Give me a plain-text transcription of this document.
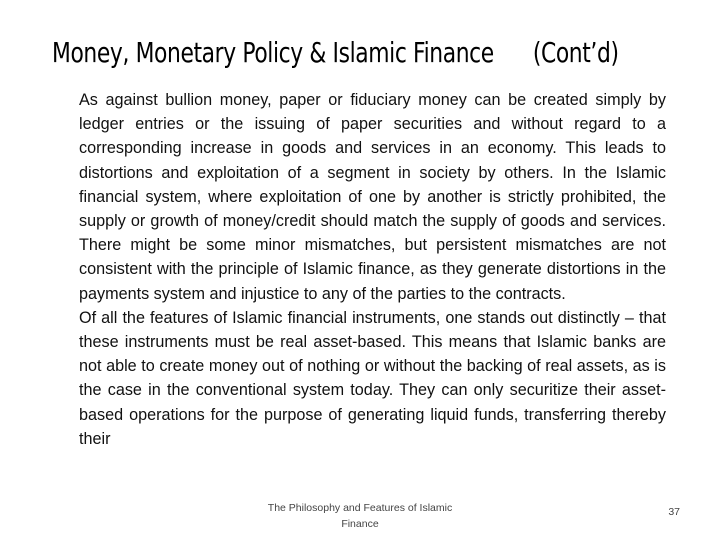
Money, Monetary Policy & Islamic Finance (Cont’d)

As against bullion money, paper or fiduciary money can be created simply by ledger entries or the issuing of paper securities and without regard to a corresponding increase in goods and services in an economy. This leads to distortions and exploitation of a segment in society by others. In the Islamic financial system, where exploitation of one by another is strictly prohibited, the supply or growth of money/credit should match the supply of goods and services. There might be some minor mismatches, but persistent mismatches are not consistent with the principle of Islamic finance, as they generate distortions in the payments system and injustice to any of the parties to the contracts.

Of all the features of Islamic financial instruments, one stands out distinctly – that these instruments must be real asset-based. This means that Islamic banks are not able to create money out of nothing or without the backing of real assets, as is the case in the conventional system today. They can only securitize their asset-based operations for the purpose of generating liquid funds, transferring thereby their

The Philosophy and Features of Islamic Finance
37
